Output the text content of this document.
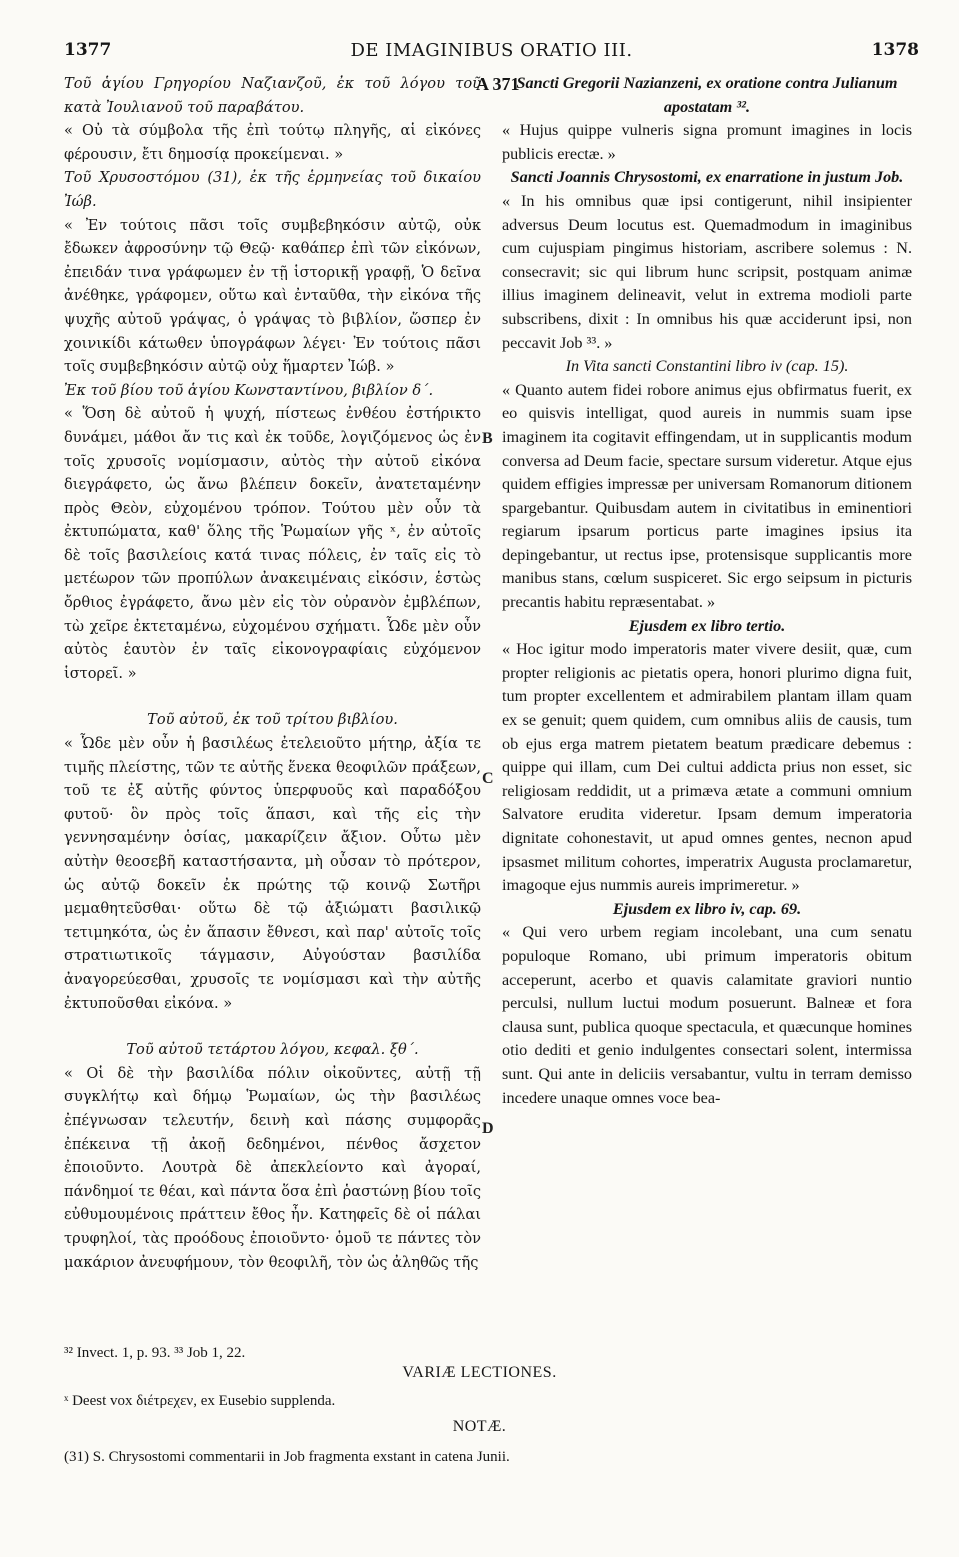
1377	DE IMAGINIBUS ORATIO III.	1378
A 371

Τοῦ ἁγίου Γρηγορίου Ναζιανζοῦ, ἐκ τοῦ λόγου τοῦ κατὰ Ἰουλιανοῦ τοῦ παραβάτου.

« Οὐ τὰ σύμβολα τῆς ἐπὶ τούτῳ πληγῆς, αἱ εἰκόνες φέρουσιν, ἔτι δημοσίᾳ προκείμεναι. »

Τοῦ Χρυσοστόμου (31), ἐκ τῆς ἑρμηνείας τοῦ δικαίου Ἰώβ.

« Ἐν τούτοις πᾶσι τοῖς συμβεβηκόσιν αὐτῷ, οὐκ ἔδωκεν ἀφροσύνην τῷ Θεῷ· καθάπερ ἐπὶ τῶν εἰκόνων, ἐπειδάν τινα γράφωμεν ἐν τῇ ἱστορικῇ γραφῇ, Ὁ δεῖνα ἀνέθηκε, γράφομεν, οὕτω καὶ ἐνταῦθα, τὴν εἰκόνα τῆς ψυχῆς αὐτοῦ γράψας, ὁ γράψας τὸ βιβλίον, ὥσπερ ἐν χοινικίδι κάτωθεν ὑπογράφων λέγει· Ἐν τούτοις πᾶσι τοῖς συμβεβηκόσιν αὐτῷ οὐχ ἥμαρτεν Ἰώβ. »

Ἐκ τοῦ βίου τοῦ ἁγίου Κωνσταντίνου, βιβλίον δ΄.

« Ὅση δὲ αὐτοῦ ἡ ψυχή, πίστεως ἐνθέου ἐστήρικτο δυνάμει, μάθοι ἄν τις καὶ ἐκ τοῦδε, λογιζόμενος ὡς ἐν τοῖς χρυσοῖς νομίσμασιν, αὐτὸς τὴν αὐτοῦ εἰκόνα διεγράφετο, ὡς ἄνω βλέπειν δοκεῖν, ἀνατεταμένην πρὸς Θεὸν, εὐχομένου τρόπον. Τούτου μὲν οὖν τὰ ἐκτυπώματα, καθ' ὅλης τῆς Ῥωμαίων γῆς ˣ, ἐν αὐτοῖς δὲ τοῖς βασιλείοις κατά τινας πόλεις, ἐν ταῖς εἰς τὸ μετέωρον τῶν προπύλων ἀνακειμέναις εἰκόσιν, ἑστὼς ὄρθιος ἐγράφετο, ἄνω μὲν εἰς τὸν οὐρανὸν ἐμβλέπων, τὼ χεῖρε ἐκτεταμένω, εὐχομένου σχήματι. Ὧδε μὲν οὖν αὐτὸς ἑαυτὸν ἐν ταῖς εἰκονογραφίαις εὐχόμενον ἱστορεῖ. »

Τοῦ αὐτοῦ, ἐκ τοῦ τρίτου βιβλίου.

« Ὧδε μὲν οὖν ἡ βασιλέως ἐτελειοῦτο μήτηρ, ἀξία τε τιμῆς πλείστης, τῶν τε αὐτῆς ἕνεκα θεοφιλῶν πράξεων, τοῦ τε ἐξ αὐτῆς φύντος ὑπερφυοῦς καὶ παραδόξου φυτοῦ· ὃν πρὸς τοῖς ἅπασι, καὶ τῆς εἰς τὴν γεννησαμένην ὁσίας, μακαρίζειν ἄξιον. Οὗτω μὲν αὐτὴν θεοσεβῆ καταστήσαντα, μὴ οὖσαν τὸ πρότερον, ὡς αὐτῷ δοκεῖν ἐκ πρώτης τῷ κοινῷ Σωτῆρι μεμαθητεῦσθαι· οὕτω δὲ τῷ ἀξιώματι βασιλικῷ τετιμηκότα, ὡς ἐν ἅπασιν ἔθνεσι, καὶ παρ' αὐτοῖς τοῖς στρατιωτικοῖς τάγμασιν, Αὐγούσταν βασιλίδα ἀναγορεύεσθαι, χρυσοῖς τε νομίσμασι καὶ τὴν αὐτῆς ἐκτυποῦσθαι εἰκόνα. »

Τοῦ αὐτοῦ τετάρτου λόγου, κεφαλ. ξθ΄.

« Οἱ δὲ τὴν βασιλίδα πόλιν οἰκοῦντες, αὐτῇ τῇ συγκλήτῳ καὶ δήμῳ Ῥωμαίων, ὡς τὴν βασιλέως ἐπέγνωσαν τελευτήν, δεινὴ καὶ πάσης συμφορᾶς ἐπέκεινα τῇ ἀκοῇ δεδημένοι, πένθος ἄσχετον ἐποιοῦντο. Λουτρὰ δὲ ἀπεκλείοντο καὶ ἀγοραί, πάνδημοί τε θέαι, καὶ πάντα ὅσα ἐπὶ ῥαστώνῃ βίου τοῖς εὐθυμουμένοις πράττειν ἔθος ἦν. Κατηφεῖς δὲ οἱ πάλαι τρυφηλοί, τὰς προόδους ἐποιοῦντο· ὁμοῦ τε πάντες τὸν μακάριον ἀνευφήμουν, τὸν θεοφιλῆ, τὸν ὡς ἀληθῶς τῆς

Sancti Gregorii Nazianzeni, ex oratione contra Julianum apostatam ³².

« Hujus quippe vulneris signa promunt imagines in locis publicis erectæ. »

Sancti Joannis Chrysostomi, ex enarratione in justum Job.

« In his omnibus quæ ipsi contigerunt, nihil insipienter adversus Deum locutus est. Quemadmodum in imaginibus cum cujuspiam pingimus historiam, ascribere solemus : N. consecravit; sic qui librum hunc scripsit, postquam animæ illius imaginem delineavit, velut in extrema modioli parte subscribens, dixit : In omnibus his quæ acciderunt ipsi, non peccavit Job ³³. »

In Vita sancti Constantini libro iv (cap. 15).

« Quanto autem fidei robore animus ejus obfirmatus fuerit, ex eo quisvis intelligat, quod aureis in nummis suam ipse imaginem ita cogitavit effingendam, ut in supplicantis modum conversa ad Deum facie, spectare sursum videretur. Atque ejus quidem effigies impressæ per universam Romanorum ditionem spargebantur. Quibusdam autem in civitatibus in eminentiori regiarum ipsarum porticus parte imagines ipsius ita depingebantur, ut rectus ipse, protensisque supplicantis more manibus stans, cœlum suspiceret. Sic ergo seipsum in picturis precantis habitu repræsentabat. »

Ejusdem ex libro tertio.

« Hoc igitur modo imperatoris mater vivere desiit, quæ, cum propter religionis ac pietatis opera, honori plurimo digna fuit, tum propter excellentem et admirabilem plantam illam quam ex se genuit; quem quidem, cum omnibus aliis de causis, tum ob ejus erga matrem pietatem beatum prædicare debemus : quippe qui illam, cum Dei cultui addicta prius non esset, sic religiosam reddidit, ut a primæva ætate a communi omnium Salvatore erudita videretur. Ipsam demum imperatoria dignitate cohonestavit, ut apud omnes gentes, necnon apud ipsasmet militum cohortes, imperatrix Augusta proclamaretur, imagoque ejus nummis aureis imprimeretur. »

Ejusdem ex libro iv, cap. 69.

« Qui vero urbem regiam incolebant, una cum senatu populoque Romano, ubi primum imperatoris obitum acceperunt, acerbo et quavis calamitate graviori nuntio perculsi, nullum luctui modum posuerunt. Balneæ et fora clausa sunt, publica quoque spectacula, et quæcunque homines otio dediti et genio indulgentes consectari solent, intermissa sunt. Qui ante in deliciis versabantur, vultu in terram demisso incedere unaque omnes voce bea-

B
C
D
³² Invect. 1, p. 93. ³³ Job 1, 22.
VARIÆ LECTIONES.
ˣ Deest vox διέτρεχεν, ex Eusebio supplenda.
NOTÆ.
(31) S. Chrysostomi commentarii in Job fragmenta exstant in catena Junii.
